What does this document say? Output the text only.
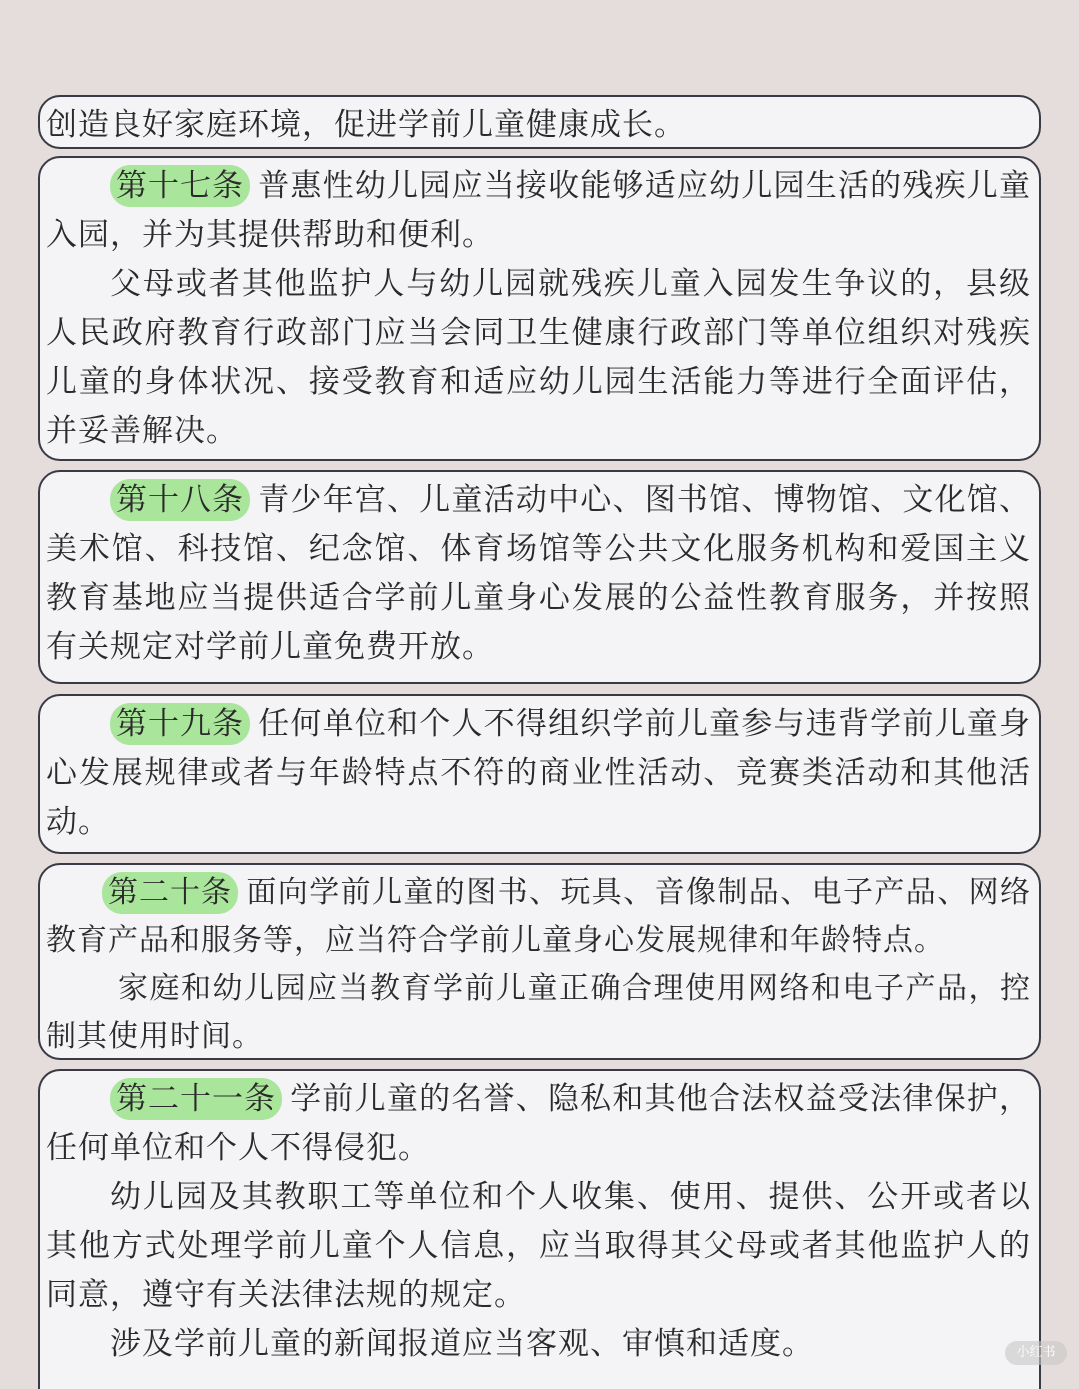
创造良好家庭环境，促进学前儿童健康成长。

第十七条 普惠性幼儿园应当接收能够适应幼儿园生活的残疾儿童入园，并为其提供帮助和便利。

父母或者其他监护人与幼儿园就残疾儿童入园发生争议的，县级人民政府教育行政部门应当会同卫生健康行政部门等单位组织对残疾儿童的身体状况、接受教育和适应幼儿园生活能力等进行全面评估，并妥善解决。

第十八条 青少年宫、儿童活动中心、图书馆、博物馆、文化馆、美术馆、科技馆、纪念馆、体育场馆等公共文化服务机构和爱国主义教育基地应当提供适合学前儿童身心发展的公益性教育服务，并按照有关规定对学前儿童免费开放。

第十九条 任何单位和个人不得组织学前儿童参与违背学前儿童身心发展规律或者与年龄特点不符的商业性活动、竞赛类活动和其他活动。

第二十条 面向学前儿童的图书、玩具、音像制品、电子产品、网络教育产品和服务等，应当符合学前儿童身心发展规律和年龄特点。

家庭和幼儿园应当教育学前儿童正确合理使用网络和电子产品，控制其使用时间。

第二十一条 学前儿童的名誉、隐私和其他合法权益受法律保护，任何单位和个人不得侵犯。

幼儿园及其教职工等单位和个人收集、使用、提供、公开或者以其他方式处理学前儿童个人信息，应当取得其父母或者其他监护人的同意，遵守有关法律法规的规定。

涉及学前儿童的新闻报道应当客观、审慎和适度。	小红书
